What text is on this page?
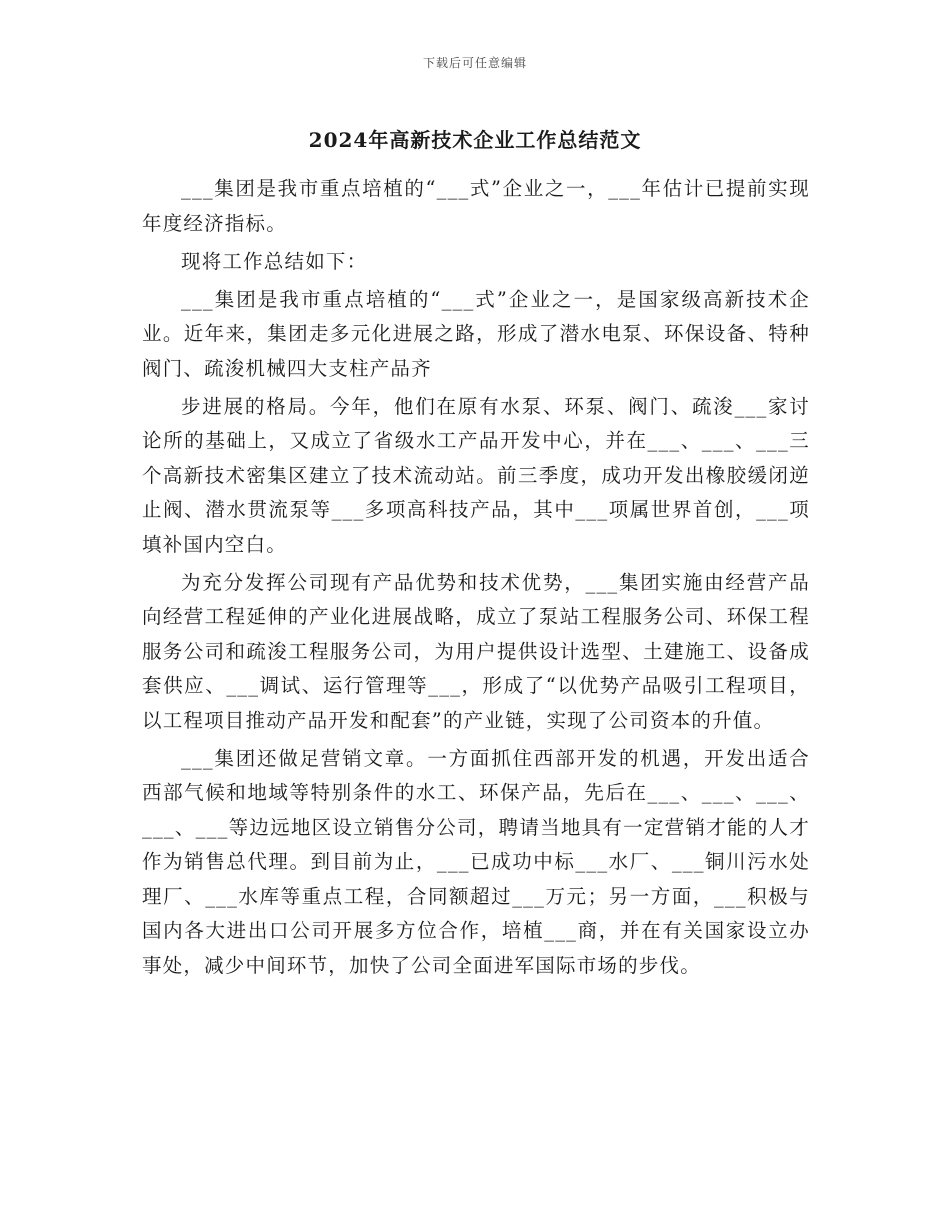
下载后可任意编辑
2024年高新技术企业工作总结范文

___集团是我市重点培植的“___式”企业之一，___年估计已提前实现年度经济指标。

现将工作总结如下：

___集团是我市重点培植的“___式”企业之一，是国家级高新技术企业。近年来，集团走多元化进展之路，形成了潜水电泵、环保设备、特种阀门、疏浚机械四大支柱产品齐

步进展的格局。今年，他们在原有水泵、环泵、阀门、疏浚___家讨论所的基础上，又成立了省级水工产品开发中心，并在___、___、___三个高新技术密集区建立了技术流动站。前三季度，成功开发出橡胶缓闭逆止阀、潜水贯流泵等___多项高科技产品，其中___项属世界首创，___项填补国内空白。

为充分发挥公司现有产品优势和技术优势，___集团实施由经营产品向经营工程延伸的产业化进展战略，成立了泵站工程服务公司、环保工程服务公司和疏浚工程服务公司，为用户提供设计选型、土建施工、设备成套供应、___调试、运行管理等___，形成了“以优势产品吸引工程项目，以工程项目推动产品开发和配套”的产业链，实现了公司资本的升值。

___集团还做足营销文章。一方面抓住西部开发的机遇，开发出适合西部气候和地域等特别条件的水工、环保产品，先后在___、___、___、___、___等边远地区设立销售分公司，聘请当地具有一定营销才能的人才作为销售总代理。到目前为止，___已成功中标___水厂、___铜川污水处理厂、___水库等重点工程，合同额超过___万元；另一方面，___积极与国内各大进出口公司开展多方位合作，培植___商，并在有关国家设立办事处，减少中间环节，加快了公司全面进军国际市场的步伐。
